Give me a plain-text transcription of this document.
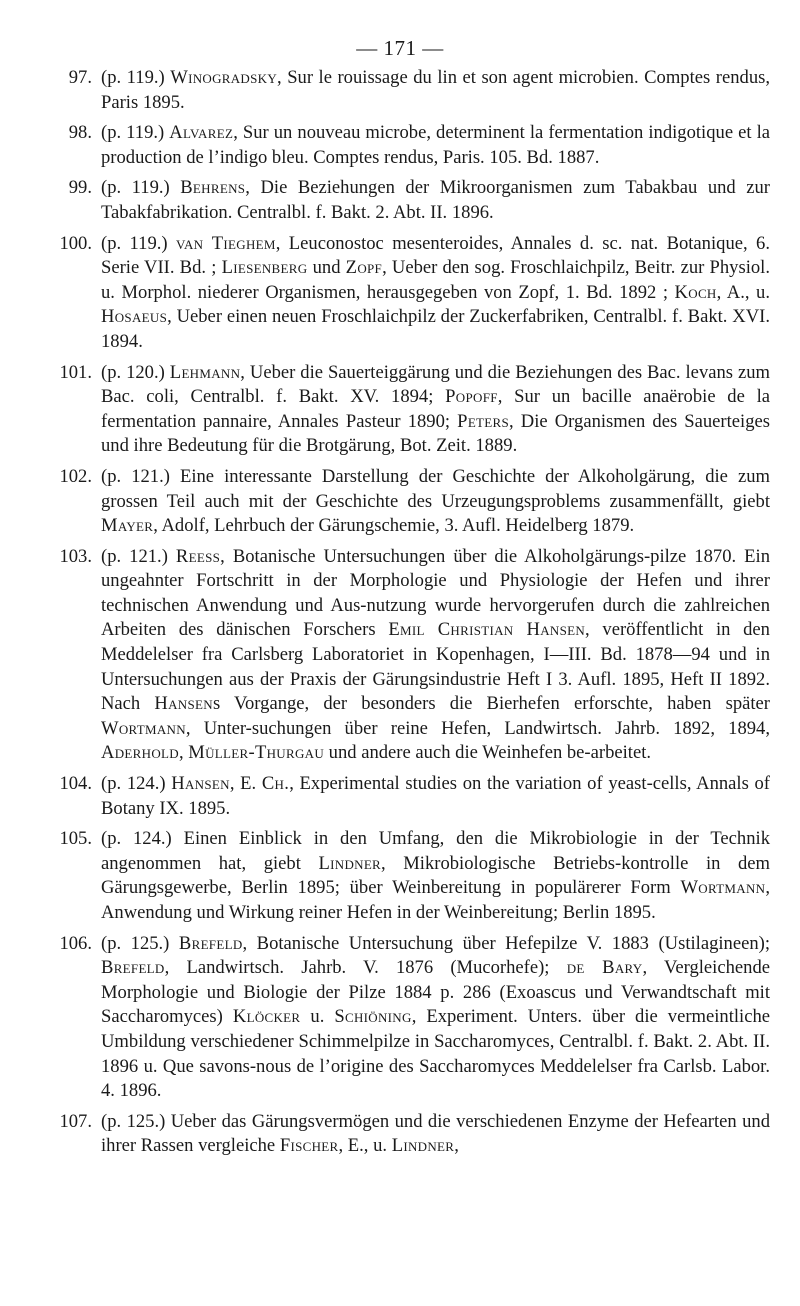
— 171 —
97. (p. 119.) Winogradsky, Sur le rouissage du lin et son agent microbien. Comptes rendus, Paris 1895.
98. (p. 119.) Alvarez, Sur un nouveau microbe, determinent la fermentation indigotique et la production de l’indigo bleu. Comptes rendus, Paris. 105. Bd. 1887.
99. (p. 119.) Behrens, Die Beziehungen der Mikroorganismen zum Tabakbau und zur Tabakfabrikation. Centralbl. f. Bakt. 2. Abt. II. 1896.
100. (p. 119.) van Tieghem, Leuconostoc mesenteroides, Annales d. sc. nat. Botanique, 6. Serie VII. Bd. ; Liesenberg und Zopf, Ueber den sog. Froschlaichpilz, Beitr. zur Physiol. u. Morphol. niederer Organismen, herausgegeben von Zopf, 1. Bd. 1892 ; Koch, A., u. Hosaeus, Ueber einen neuen Froschlaichpilz der Zuckerfabriken, Centralbl. f. Bakt. XVI. 1894.
101. (p. 120.) Lehmann, Ueber die Sauerteiggärung und die Beziehungen des Bac. levans zum Bac. coli, Centralbl. f. Bakt. XV. 1894; Popoff, Sur un bacille anaërobie de la fermentation pannaire, Annales Pasteur 1890; Peters, Die Organismen des Sauerteiges und ihre Bedeutung für die Brotgärung, Bot. Zeit. 1889.
102. (p. 121.) Eine interessante Darstellung der Geschichte der Alkoholgärung, die zum grossen Teil auch mit der Geschichte des Urzeugungsproblems zusammenfällt, giebt Mayer, Adolf, Lehrbuch der Gärungschemie, 3. Aufl. Heidelberg 1879.
103. (p. 121.) Reess, Botanische Untersuchungen über die Alkoholgärungs-pilze 1870. Ein ungeahnter Fortschritt in der Morphologie und Physiologie der Hefen und ihrer technischen Anwendung und Aus-nutzung wurde hervorgerufen durch die zahlreichen Arbeiten des dänischen Forschers Emil Christian Hansen, veröffentlicht in den Meddelelser fra Carlsberg Laboratoriet in Kopenhagen, I—III. Bd. 1878—94 und in Untersuchungen aus der Praxis der Gärungsindustrie Heft I 3. Aufl. 1895, Heft II 1892. Nach Hansens Vorgange, der besonders die Bierhefen erforschte, haben später Wortmann, Unter-suchungen über reine Hefen, Landwirtsch. Jahrb. 1892, 1894, Aderhold, Müller-Thurgau und andere auch die Weinhefen be-arbeitet.
104. (p. 124.) Hansen, E. Ch., Experimental studies on the variation of yeast-cells, Annals of Botany IX. 1895.
105. (p. 124.) Einen Einblick in den Umfang, den die Mikrobiologie in der Technik angenommen hat, giebt Lindner, Mikrobiologische Betriebs-kontrolle in dem Gärungsgewerbe, Berlin 1895; über Weinbereitung in populärerer Form Wortmann, Anwendung und Wirkung reiner Hefen in der Weinbereitung; Berlin 1895.
106. (p. 125.) Brefeld, Botanische Untersuchung über Hefepilze V. 1883 (Ustilagineen); Brefeld, Landwirtsch. Jahrb. V. 1876 (Mucorhefe); de Bary, Vergleichende Morphologie und Biologie der Pilze 1884 p. 286 (Exoascus und Verwandtschaft mit Saccharomyces) Klöcker u. Schiöning, Experiment. Unters. über die vermeintliche Umbildung verschiedener Schimmelpilze in Saccharomyces, Centralbl. f. Bakt. 2. Abt. II. 1896 u. Que savons-nous de l’origine des Saccharomyces Meddelelser fra Carlsb. Labor. 4. 1896.
107. (p. 125.) Ueber das Gärungsvermögen und die verschiedenen Enzyme der Hefearten und ihrer Rassen vergleiche Fischer, E., u. Lindner,
